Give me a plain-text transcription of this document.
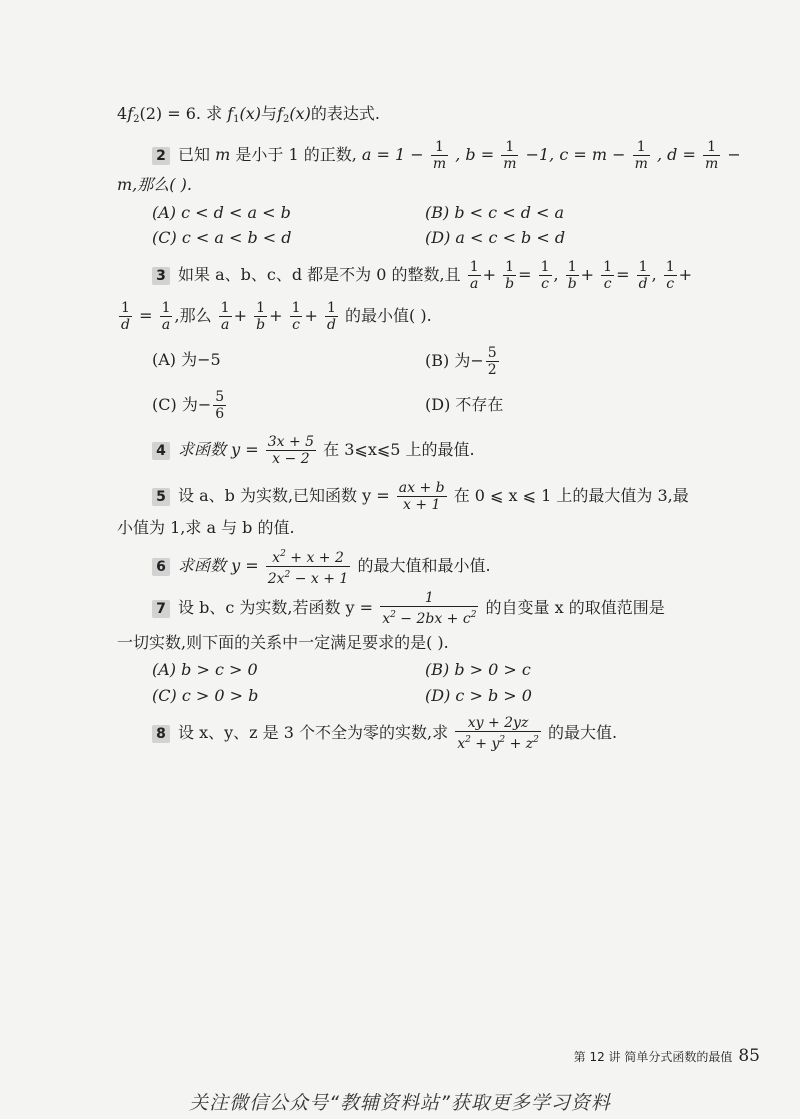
$4f_2(2) = 6$. 求 $f_1(x)$与$f_2(x)$的表达式.
2 已知 m 是小于 1 的正数, $a = 1 - \frac{1}{m}$ , $b = \frac{1}{m} -1$, $c = m - \frac{1}{m}$ , $d = \frac{1}{m}$ −
m,那么( ).
(A) c < d < a < b	(B) b < c < d < a
(C) c < a < b < d	(D) a < c < b < d
3 如果 a、b、c、d 都是不为 0 的整数,且 $\frac{1}{a} + \frac{1}{b} = \frac{1}{c}$ , $\frac{1}{b} + \frac{1}{c} = \frac{1}{d}$ , $\frac{1}{c}$ +
$\frac{1}{d} = \frac{1}{a}$ ,那么 $\frac{1}{a} + \frac{1}{b} + \frac{1}{c} + \frac{1}{d}$ 的最小值( ).
(A) 为−5	(B) 为− $\frac{5}{2}$
(C) 为− $\frac{5}{6}$	(D) 不存在
4 求函数 $y = \frac{3x + 5}{x - 2}$ 在 3⩽x⩽5 上的最值.
5 设 a、b 为实数,已知函数 $y = \frac{ax + b}{x + 1}$ 在 0 ⩽ x ⩽ 1 上的最大值为 3,最
小值为 1,求 a 与 b 的值.
6 求函数 $y = \frac{x^2 + x + 2}{2x^2 - x + 1}$ 的最大值和最小值.
7 设 b、c 为实数,若函数 $y = \frac{1}{x^2 - 2bx + c^2}$ 的自变量 x 的取值范围是
一切实数,则下面的关系中一定满足要求的是( ).
(A) b > c > 0	(B) b > 0 > c
(C) c > 0 > b	(D) c > b > 0
8 设 x、y、z 是 3 个不全为零的实数,求 $\frac{xy + 2yz}{x^2 + y^2 + z^2}$ 的最大值.
第 12 讲 简单分式函数的最值 85
关注微信公众号“教辅资料站”获取更多学习资料
